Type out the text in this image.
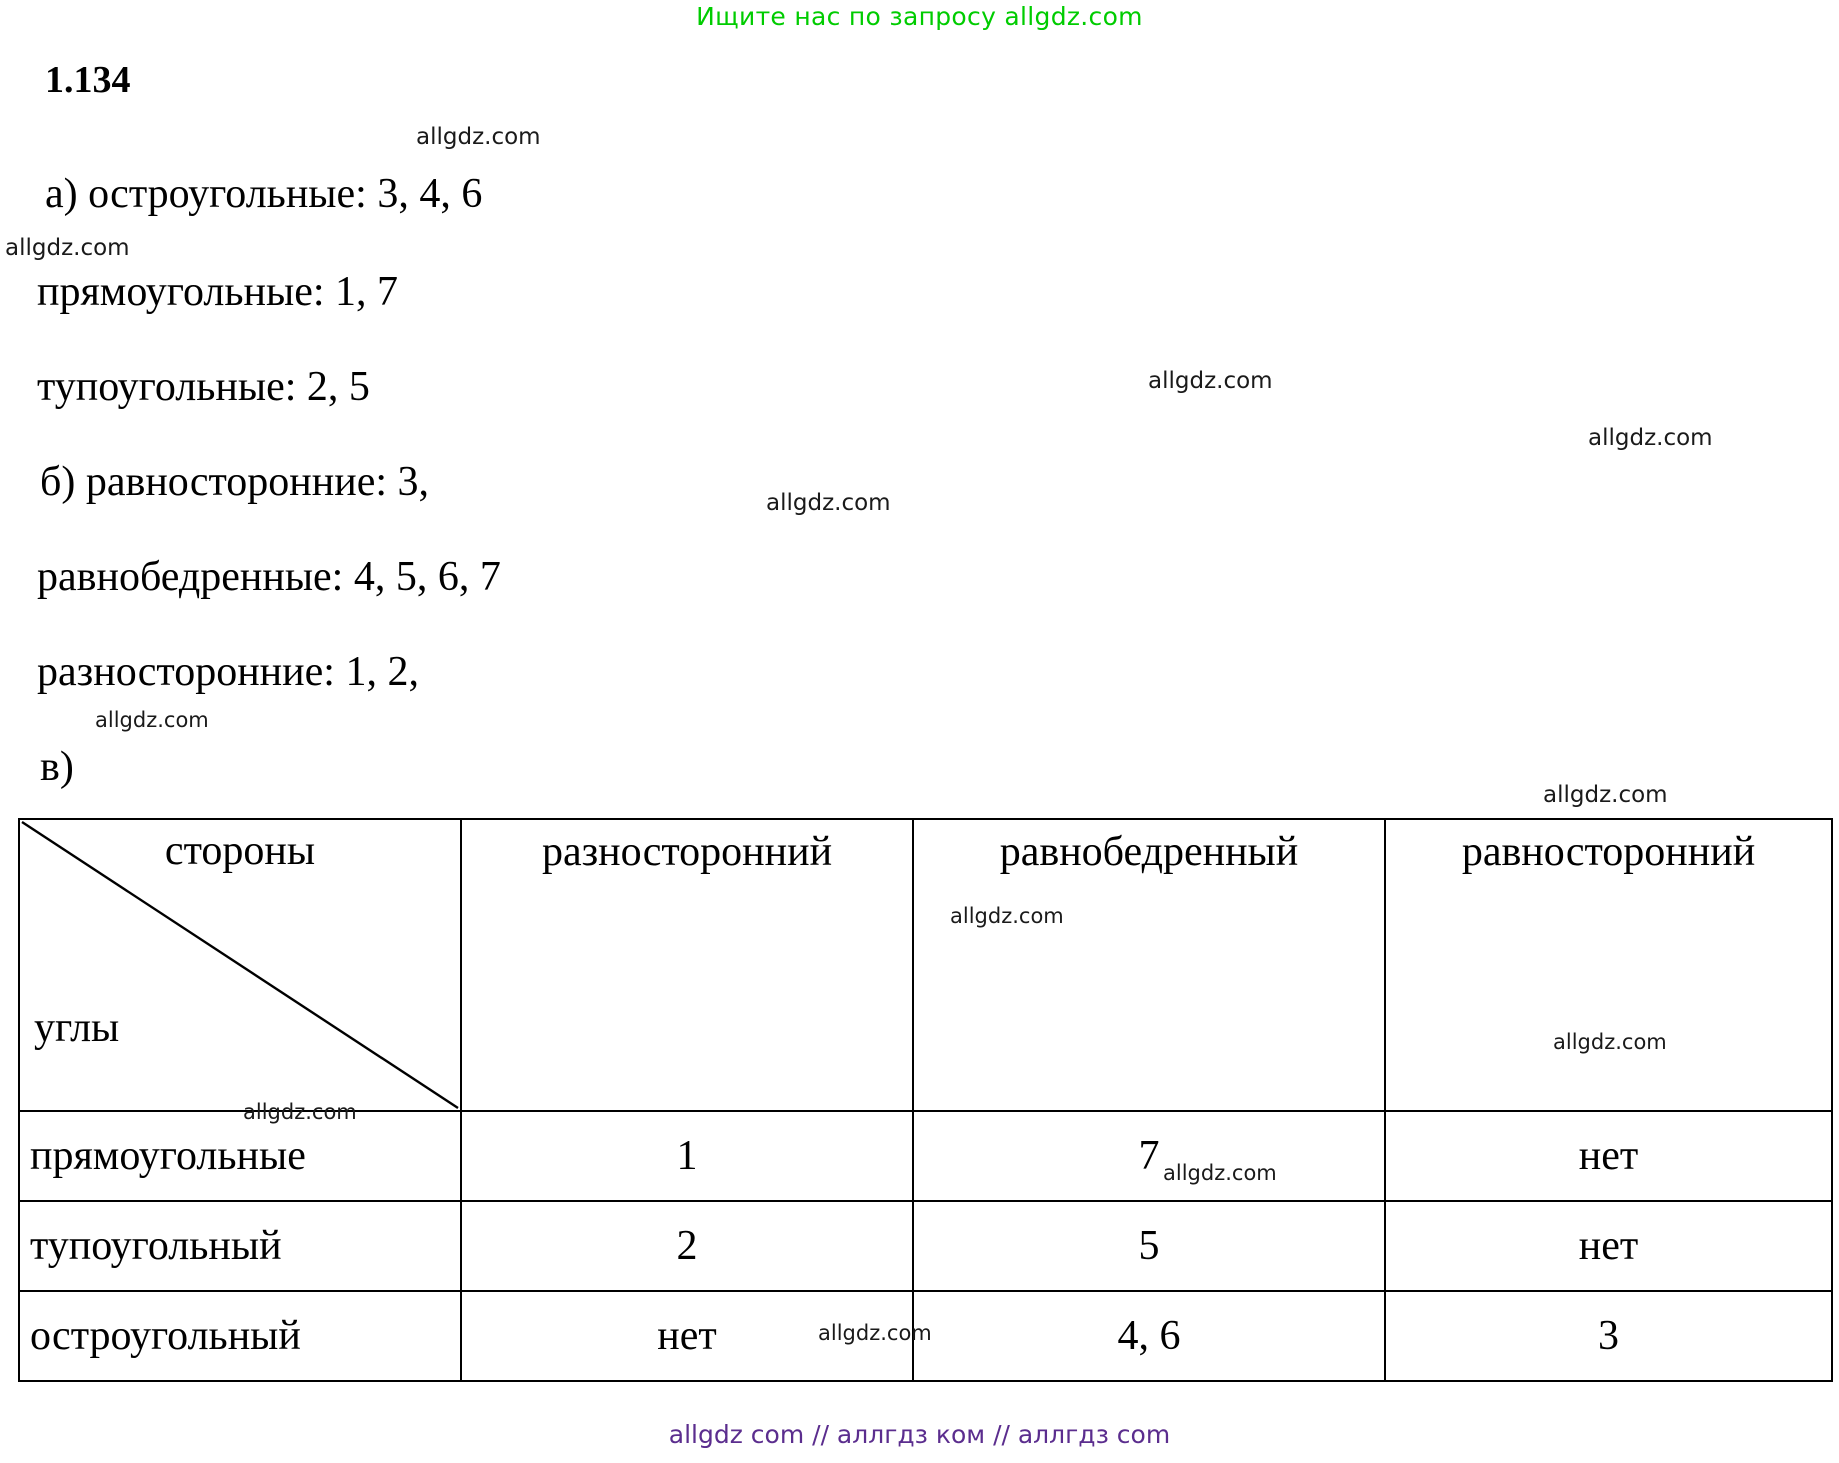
Ищите нас по запросу allgdz.com
1.134
а) остроугольные: 3, 4, 6
прямоугольные: 1, 7
тупоугольные: 2, 5
б) равносторонние: 3,
равнобедренные: 4, 5, 6, 7
разносторонние: 1, 2,
в)
allgdz.com
allgdz.com
allgdz.com
allgdz.com
allgdz.com
allgdz.com
allgdz.com
allgdz.com
allgdz.com
allgdz.com
allgdz.com
allgdz.com
стороны
углы	разносторонний	равнобедренный	равносторонний

прямоугольные	1	7	нет
тупоугольный	2	5	нет
остроугольный	нет	4, 6	3
allgdz com // аллгдз ком // аллгдз com
